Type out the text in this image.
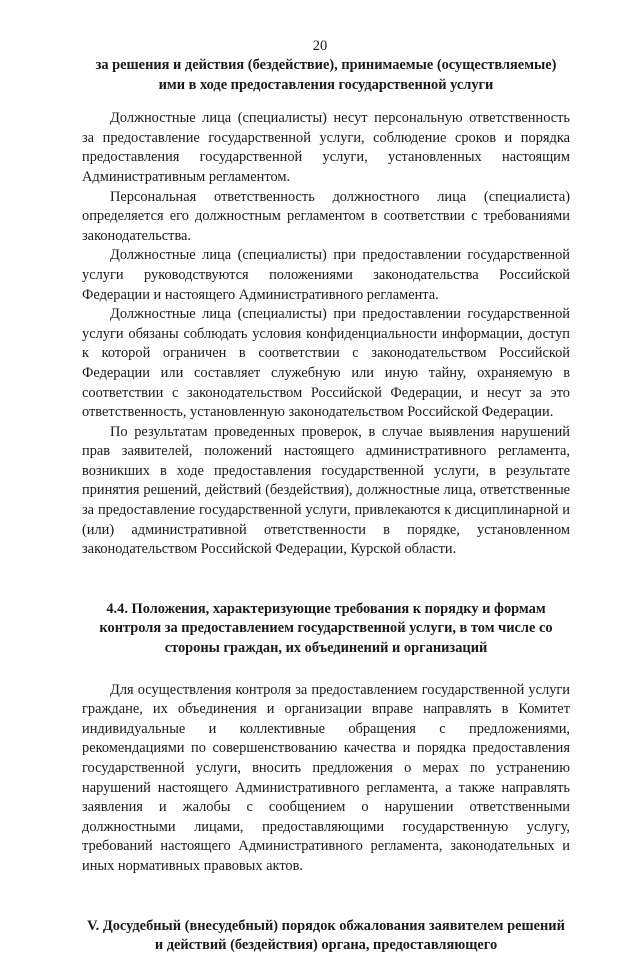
20

за решения и действия (бездействие), принимаемые (осуществляемые) ими в ходе предоставления государственной услуги

Должностные лица (специалисты) несут персональную ответственность за предоставление государственной услуги, соблюдение сроков и порядка предоставления государственной услуги, установленных настоящим Административным регламентом.

Персональная ответственность должностного лица (специалиста) определяется его должностным регламентом в соответствии с требованиями законодательства.

Должностные лица (специалисты) при предоставлении государственной услуги руководствуются положениями законодательства Российской Федерации и настоящего Административного регламента.

Должностные лица (специалисты) при предоставлении государственной услуги обязаны соблюдать условия конфиденциальности информации, доступ к которой ограничен в соответствии с законодательством Российской Федерации или составляет служебную или иную тайну, охраняемую в соответствии с законодательством Российской Федерации, и несут за это ответственность, установленную законодательством Российской Федерации.

По результатам проведенных проверок, в случае выявления нарушений прав заявителей, положений настоящего административного регламента, возникших в ходе предоставления государственной услуги, в результате принятия решений, действий (бездействия), должностные лица, ответственные за предоставление государственной услуги, привлекаются к дисциплинарной и (или) административной ответственности в порядке, установленном законодательством Российской Федерации, Курской области.

4.4. Положения, характеризующие требования к порядку и формам контроля за предоставлением государственной услуги, в том числе со стороны граждан, их объединений и организаций

Для осуществления контроля за предоставлением государственной услуги граждане, их объединения и организации вправе направлять в Комитет индивидуальные и коллективные обращения с предложениями, рекомендациями по совершенствованию качества и порядка предоставления государственной услуги, вносить предложения о мерах по устранению нарушений настоящего Административного регламента, а также направлять заявления и жалобы с сообщением о нарушении ответственными должностными лицами, предоставляющими государственную услугу, требований настоящего Административного регламента, законодательных и иных нормативных правовых актов.

V. Досудебный (внесудебный) порядок обжалования заявителем решений и действий (бездействия) органа, предоставляющего
